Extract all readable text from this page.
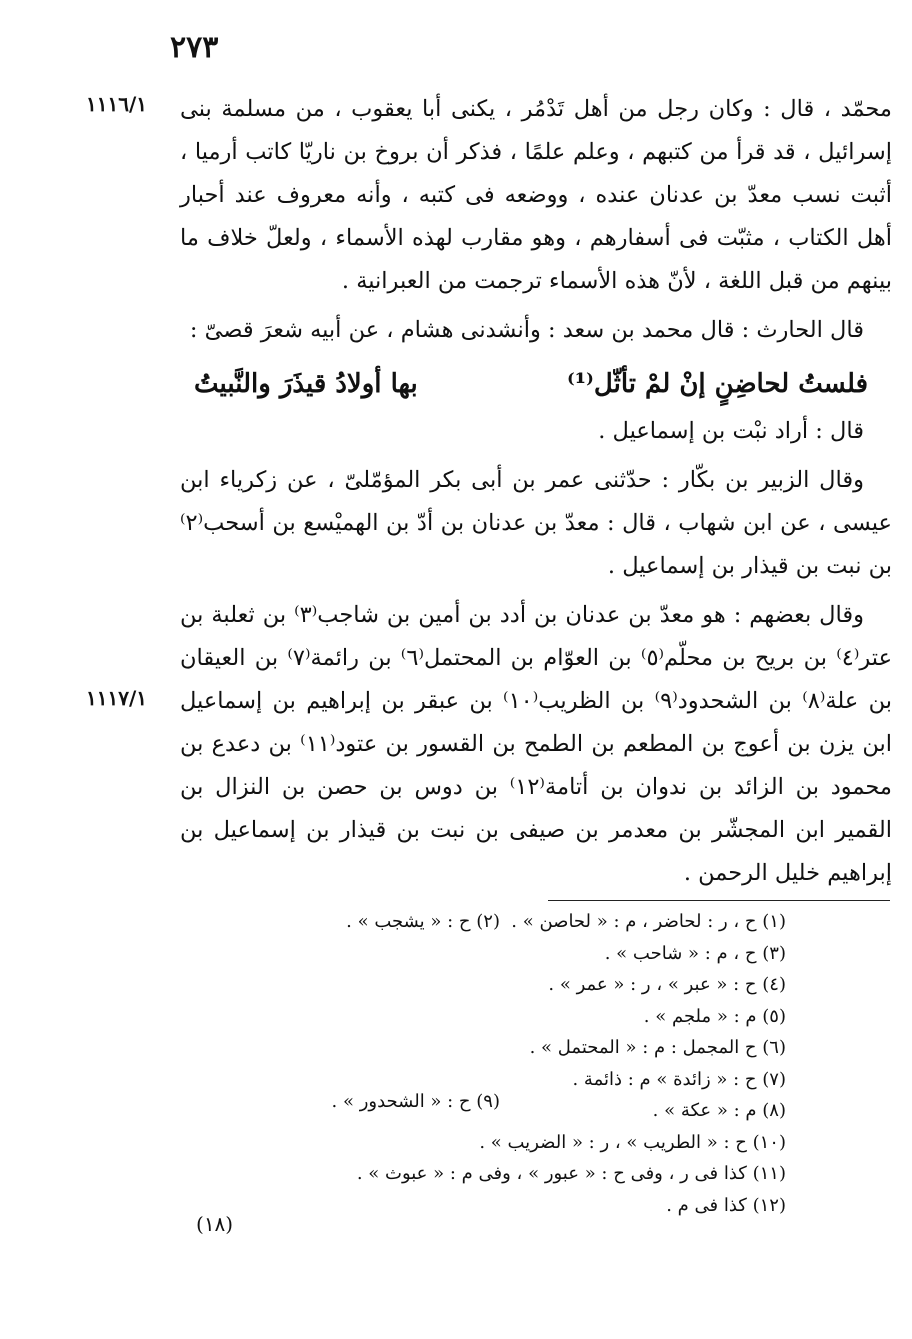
٢٧٣
١١١٦/١
١١١٧/١

محمّد ، قال : وكان رجل من أهل تَدْمُر ، يكنى أبا يعقوب ، من مسلمة بنى إسرائيل ، قد قرأ من كتبهم ، وعلم علمًا ، فذكر أن بروخ بن ناريّا كاتب أرميا ، أثبت نسب معدّ بن عدنان عنده ، ووضعه فى كتبه ، وأنه معروف عند أحبار أهل الكتاب ، مثبّت فى أسفارهم ، وهو مقارب لهذه الأسماء ، ولعلّ خلاف ما بينهم من قبل اللغة ، لأنّ هذه الأسماء ترجمت من العبرانية .

قال الحارث : قال محمد بن سعد : وأنشدنى هشام ، عن أبيه شعرَ قصىّ :

فلستُ لحاضِنٍ إنْ لمْ تأثّل⁽¹⁾
بها أولادُ قيذَرَ والنَّبيتُ

قال : أراد نبْت بن إسماعيل .

وقال الزبير بن بكّار : حدّثنى عمر بن أبى بكر المؤمّلىّ ، عن زكرياء ابن عيسى ، عن ابن شهاب ، قال : معدّ بن عدنان بن أدّ بن الهميْسع بن أسحب⁽٢⁾ بن نبت بن قيذار بن إسماعيل .

وقال بعضهم : هو معدّ بن عدنان بن أدد بن أمين بن شاجب⁽٣⁾ بن ثعلبة بن عتر⁽٤⁾ بن بريح بن محلّم⁽٥⁾ بن العوّام بن المحتمل⁽٦⁾ بن رائمة⁽٧⁾ بن العيقان بن علة⁽٨⁾ بن الشحدود⁽٩⁾ بن الظريب⁽١٠⁾ بن عبقر بن إبراهيم بن إسماعيل ابن يزن بن أعوج بن المطعم بن الطمح بن القسور بن عتود⁽١١⁾ بن دعدع بن محمود بن الزائد بن ندوان بن أتامة⁽١٢⁾ بن دوس بن حصن بن النزال بن القمير ابن المجشّر بن معدمر بن صيفى بن نبت بن قيذار بن إسماعيل بن إبراهيم خليل الرحمن .

(١) ح ، ر : لحاضر ، م : « لحاصن » .
(٣) ح ، م : « شاحب » .
(٤) ح : « عبر » ، ر : « عمر » .
(٥) م : « ملجم » .
(٦) ح المجمل : م : « المحتمل » .
(٧) ح : « زائدة » م : ذائمة .
(٨) م : « عكة » .
(١٠) ح : « الطريب » ، ر : « الضريب » .
(١١) كذا فى ر ، وفى ح : « عبور » ، وفى م : « عبوث » .
(١٢) كذا فى م .
(٢) ح : « يشجب » .
(٩) ح : « الشحدور » .
(١٨)
